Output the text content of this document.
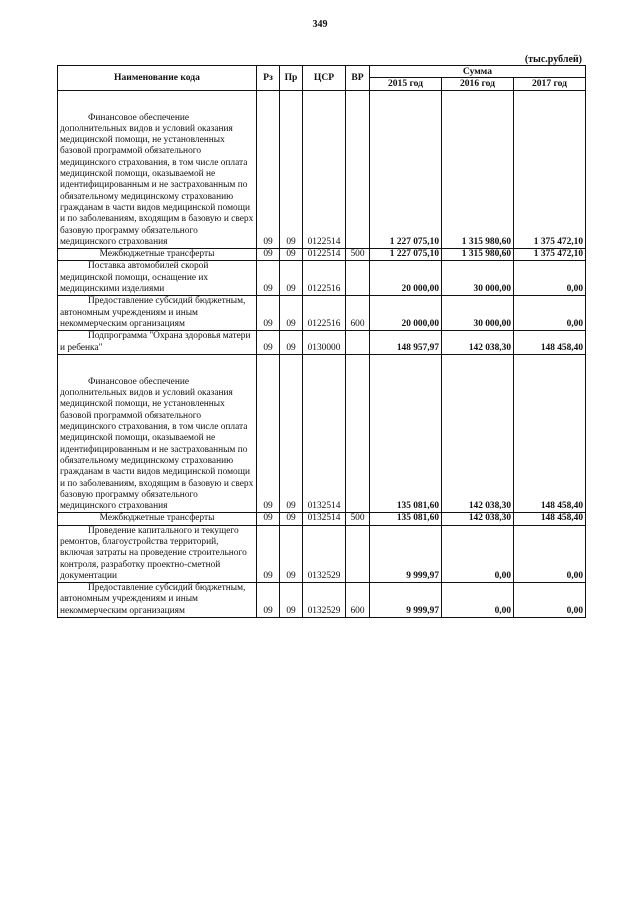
349
(тыс.рублей)
Наименование кода	Рз	Пр	ЦСР	ВР	Сумма		
					2015 год	2016 год	2017 год

Финансовое обеспечение дополнительных видов и условий оказания медицинской помощи, не установленных базовой программой обязательного медицинского страхования, в том числе оплата медицинской помощи, оказываемой не идентифицированным и не застрахованным по обязательному медицинскому страхованию гражданам в части видов медицинской помощи и по заболеваниям, входящим в базовую и сверх базовую программу обязательного медицинского страхования	09	09	0122514		1 227 075,10	1 315 980,60	1 375 472,10
Межбюджетные трансферты	09	09	0122514	500	1 227 075,10	1 315 980,60	1 375 472,10
Поставка автомобилей скорой медицинской помощи, оснащение их медицинскими изделиями	09	09	0122516		20 000,00	30 000,00	0,00
Предоставление субсидий бюджетным, автономным учреждениям и иным некоммерческим организациям	09	09	0122516	600	20 000,00	30 000,00	0,00
Подпрограмма "Охрана здоровья матери и ребенка"	09	09	0130000		148 957,97	142 038,30	148 458,40

Финансовое обеспечение дополнительных видов и условий оказания медицинской помощи, не установленных базовой программой обязательного медицинского страхования, в том числе оплата медицинской помощи, оказываемой не идентифицированным и не застрахованным по обязательному медицинскому страхованию гражданам в части видов медицинской помощи и по заболеваниям, входящим в базовую и сверх базовую программу обязательного медицинского страхования	09	09	0132514		135 081,60	142 038,30	148 458,40
Межбюджетные трансферты	09	09	0132514	500	135 081,60	142 038,30	148 458,40
Проведение капитального и текущего ремонтов, благоустройства территорий, включая затраты на проведение строительного контроля, разработку проектно-сметной документации	09	09	0132529		9 999,97	0,00	0,00
Предоставление субсидий бюджетным, автономным учреждениям и иным некоммерческим организациям	09	09	0132529	600	9 999,97	0,00	0,00
